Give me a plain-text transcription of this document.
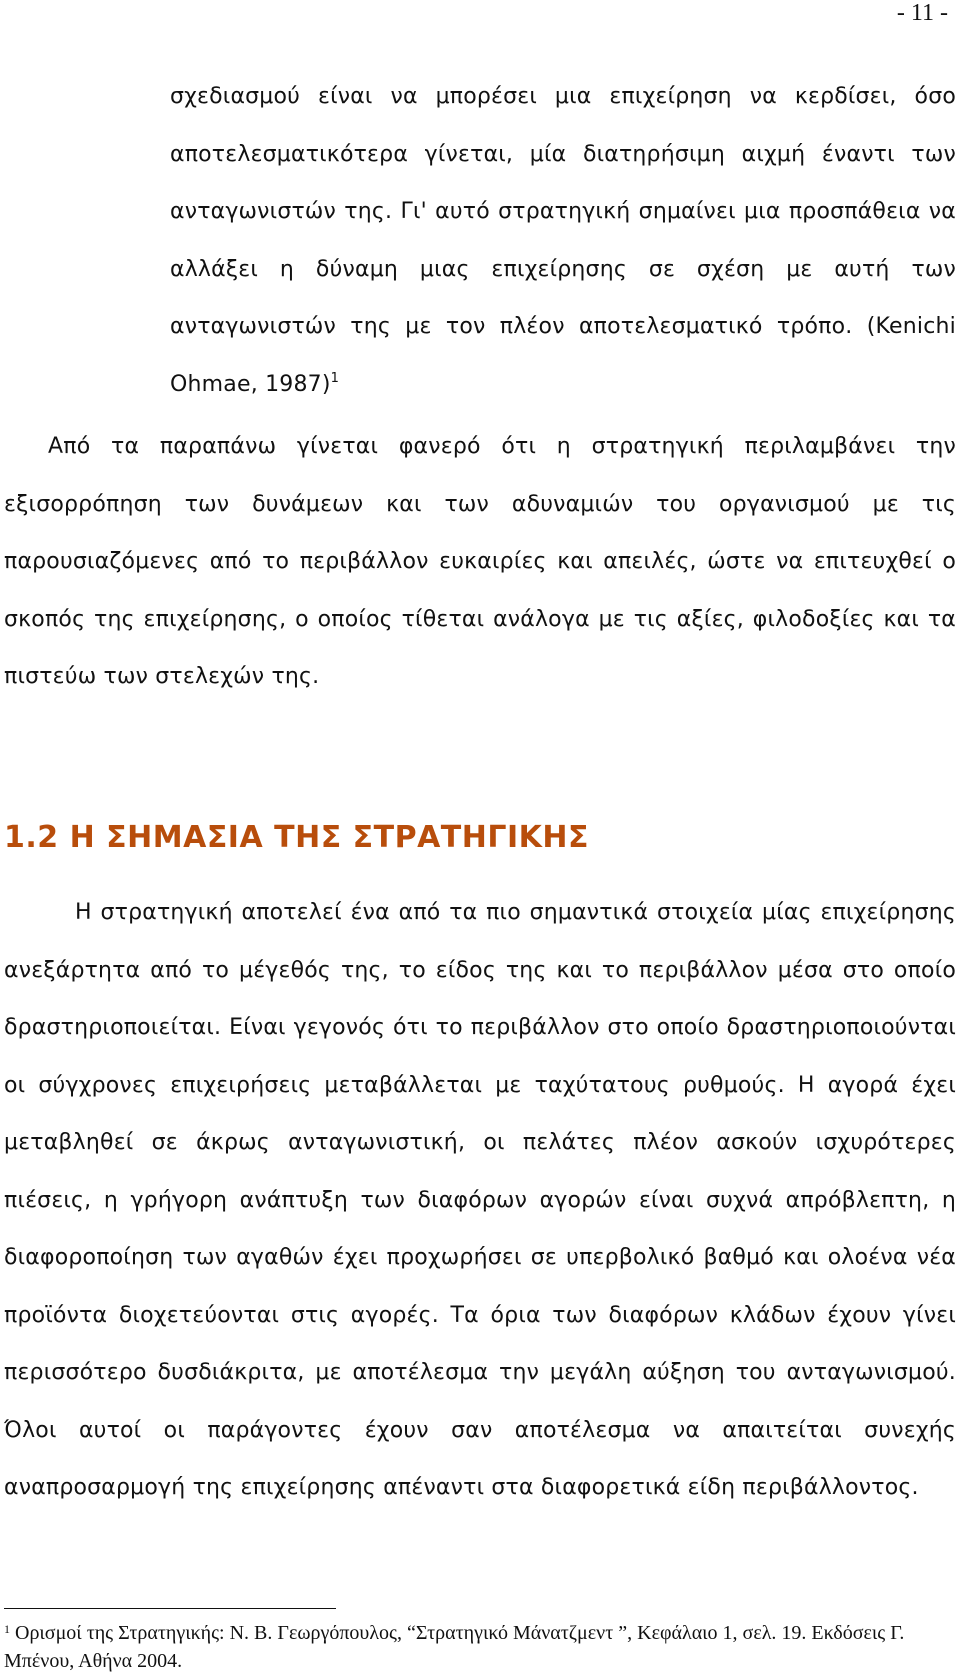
- 11 -
σχεδιασμού είναι να μπορέσει μια επιχείρηση να κερδίσει, όσο αποτελεσματικότερα γίνεται, μία διατηρήσιμη αιχμή έναντι των ανταγωνιστών της. Γι' αυτό στρατηγική σημαίνει μια προσπάθεια να αλλάξει η δύναμη μιας επιχείρησης σε σχέση με αυτή των ανταγωνιστών της με τον πλέον αποτελεσματικό τρόπο. (Kenichi Ohmae, 1987)$^1$
Από τα παραπάνω γίνεται φανερό ότι η στρατηγική περιλαμβάνει την εξισορρόπηση των δυνάμεων και των αδυναμιών του οργανισμού με τις παρουσιαζόμενες από το περιβάλλον ευκαιρίες και απειλές, ώστε να επιτευχθεί ο σκοπός της επιχείρησης, ο οποίος τίθεται ανάλογα με τις αξίες, φιλοδοξίες και τα πιστεύω των στελεχών της.
1.2 Η ΣΗΜΑΣΙΑ ΤΗΣ ΣΤΡΑΤΗΓΙΚΗΣ
Η στρατηγική αποτελεί ένα από τα πιο σημαντικά στοιχεία μίας επιχείρησης ανεξάρτητα από το μέγεθός της, το είδος της και το περιβάλλον μέσα στο οποίο δραστηριοποιείται. Είναι γεγονός ότι το περιβάλλον στο οποίο δραστηριοποιούνται οι σύγχρονες επιχειρήσεις μεταβάλλεται με ταχύτατους ρυθμούς. Η αγορά έχει μεταβληθεί σε άκρως ανταγωνιστική, οι πελάτες πλέον ασκούν ισχυρότερες πιέσεις, η γρήγορη ανάπτυξη των διαφόρων αγορών είναι συχνά απρόβλεπτη, η διαφοροποίηση των αγαθών έχει προχωρήσει σε υπερβολικό βαθμό και ολοένα νέα προϊόντα διοχετεύονται στις αγορές. Τα όρια των διαφόρων κλάδων έχουν γίνει περισσότερο δυσδιάκριτα, με αποτέλεσμα την μεγάλη αύξηση του ανταγωνισμού. Όλοι αυτοί οι παράγοντες έχουν σαν αποτέλεσμα να απαιτείται συνεχής αναπροσαρμογή της επιχείρησης απέναντι στα διαφορετικά είδη περιβάλλοντος.
$^1$ Ορισμοί της Στρατηγικής: Ν. Β. Γεωργόπουλος, “Στρατηγικό Μάνατζμεντ ”, Κεφάλαιο 1, σελ. 19. Εκδόσεις Γ. Μπένου, Αθήνα 2004.
